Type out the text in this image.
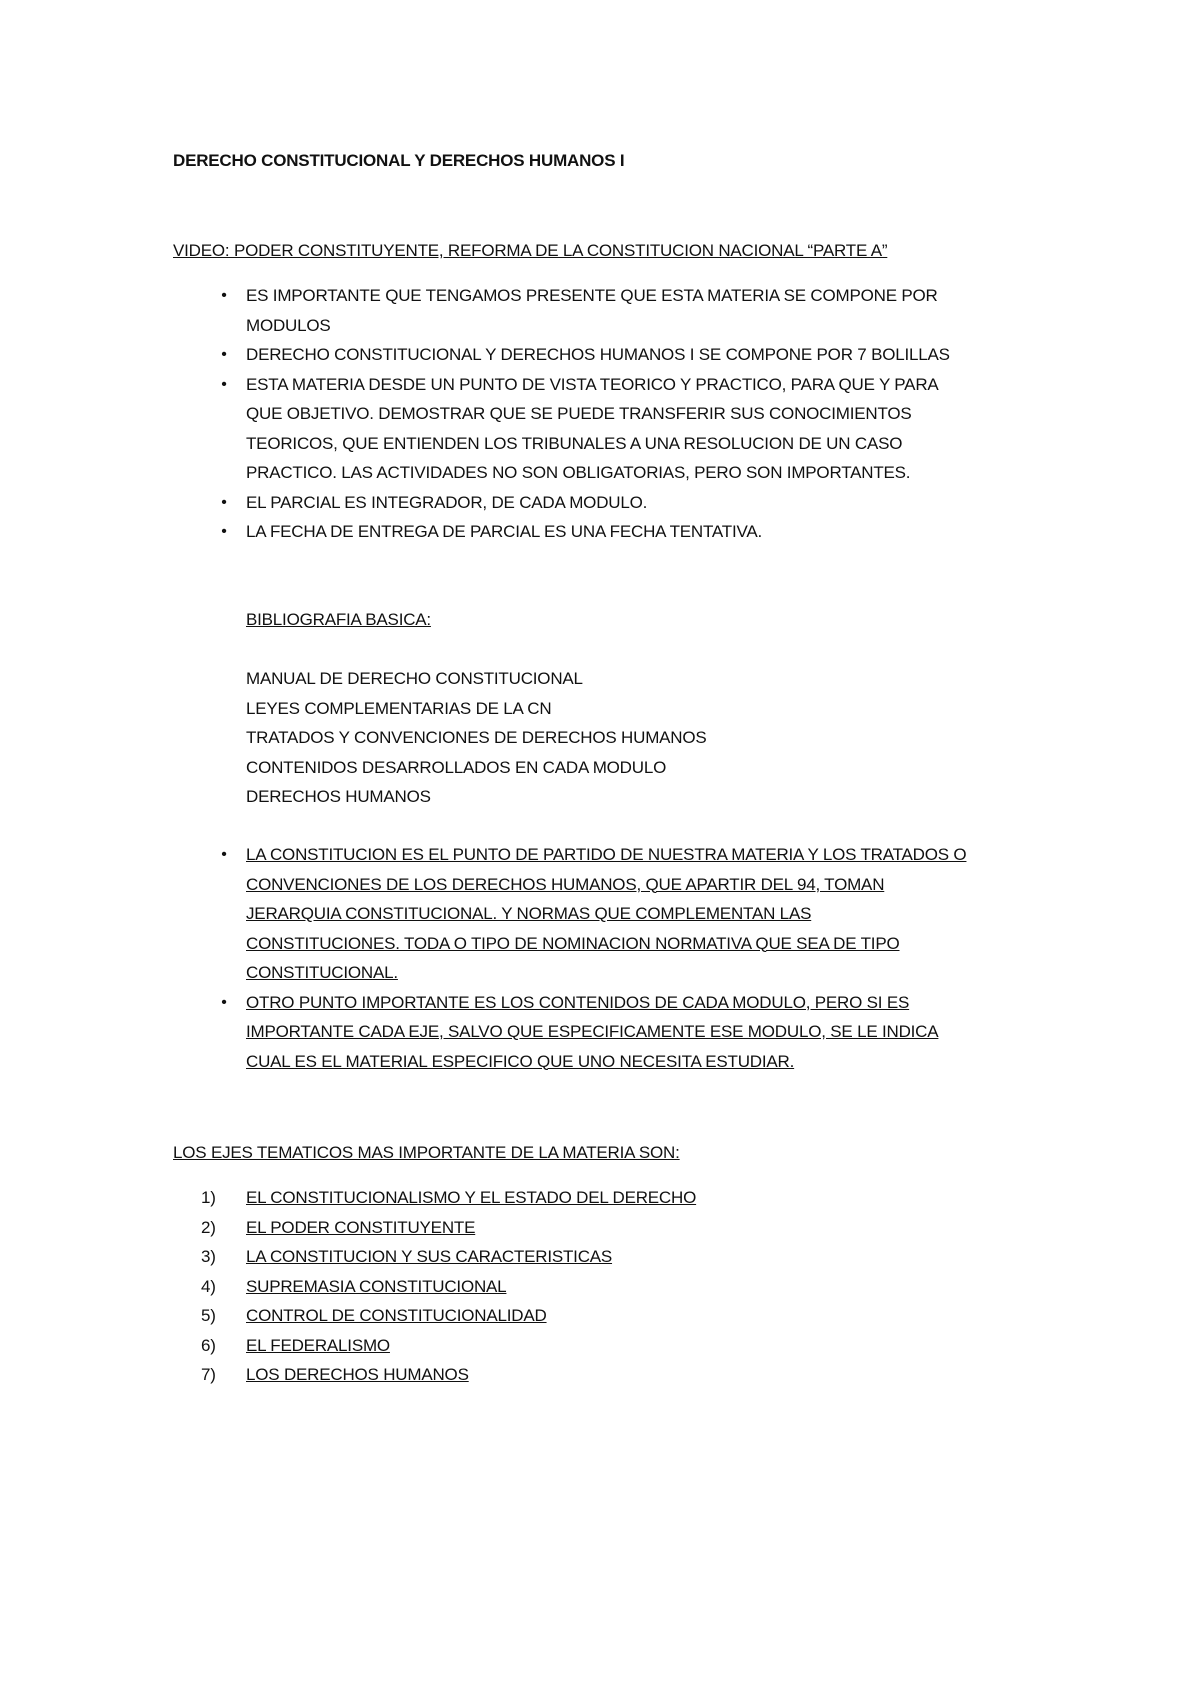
DERECHO CONSTITUCIONAL Y DERECHOS HUMANOS I
VIDEO: PODER CONSTITUYENTE, REFORMA DE LA CONSTITUCION NACIONAL “PARTE A”
•	ES IMPORTANTE QUE TENGAMOS PRESENTE QUE ESTA MATERIA SE COMPONE POR
MODULOS
•	DERECHO CONSTITUCIONAL Y DERECHOS HUMANOS I SE COMPONE POR 7 BOLILLAS
•	ESTA MATERIA DESDE UN PUNTO DE VISTA TEORICO Y PRACTICO, PARA QUE Y PARA
QUE OBJETIVO. DEMOSTRAR QUE SE PUEDE TRANSFERIR SUS CONOCIMIENTOS
TEORICOS, QUE ENTIENDEN LOS TRIBUNALES A UNA RESOLUCION DE UN CASO
PRACTICO. LAS ACTIVIDADES NO SON OBLIGATORIAS, PERO SON IMPORTANTES.
•	EL PARCIAL ES INTEGRADOR, DE CADA MODULO.
•	LA FECHA DE ENTREGA DE PARCIAL ES UNA FECHA TENTATIVA.
BIBLIOGRAFIA BASICA:
MANUAL DE DERECHO CONSTITUCIONAL
LEYES COMPLEMENTARIAS DE LA CN
TRATADOS Y CONVENCIONES DE DERECHOS HUMANOS
CONTENIDOS DESARROLLADOS EN CADA MODULO
DERECHOS HUMANOS
•	LA CONSTITUCION ES EL PUNTO DE PARTIDO DE NUESTRA MATERIA Y LOS TRATADOS O
CONVENCIONES DE LOS DERECHOS HUMANOS, QUE APARTIR DEL 94, TOMAN
JERARQUIA CONSTITUCIONAL. Y NORMAS QUE COMPLEMENTAN LAS
CONSTITUCIONES. TODA O TIPO DE NOMINACION NORMATIVA QUE SEA DE TIPO
CONSTITUCIONAL.
•	OTRO PUNTO IMPORTANTE ES LOS CONTENIDOS DE CADA MODULO, PERO SI ES
IMPORTANTE CADA EJE, SALVO QUE ESPECIFICAMENTE ESE MODULO, SE LE INDICA
CUAL ES EL MATERIAL ESPECIFICO QUE UNO NECESITA ESTUDIAR.
LOS EJES TEMATICOS MAS IMPORTANTE DE LA MATERIA SON:
1)	EL CONSTITUCIONALISMO Y EL ESTADO DEL DERECHO
2)	EL PODER CONSTITUYENTE
3)	LA CONSTITUCION Y SUS CARACTERISTICAS
4)	SUPREMASIA CONSTITUCIONAL
5)	CONTROL DE CONSTITUCIONALIDAD
6)	EL FEDERALISMO
7)	LOS DERECHOS HUMANOS
